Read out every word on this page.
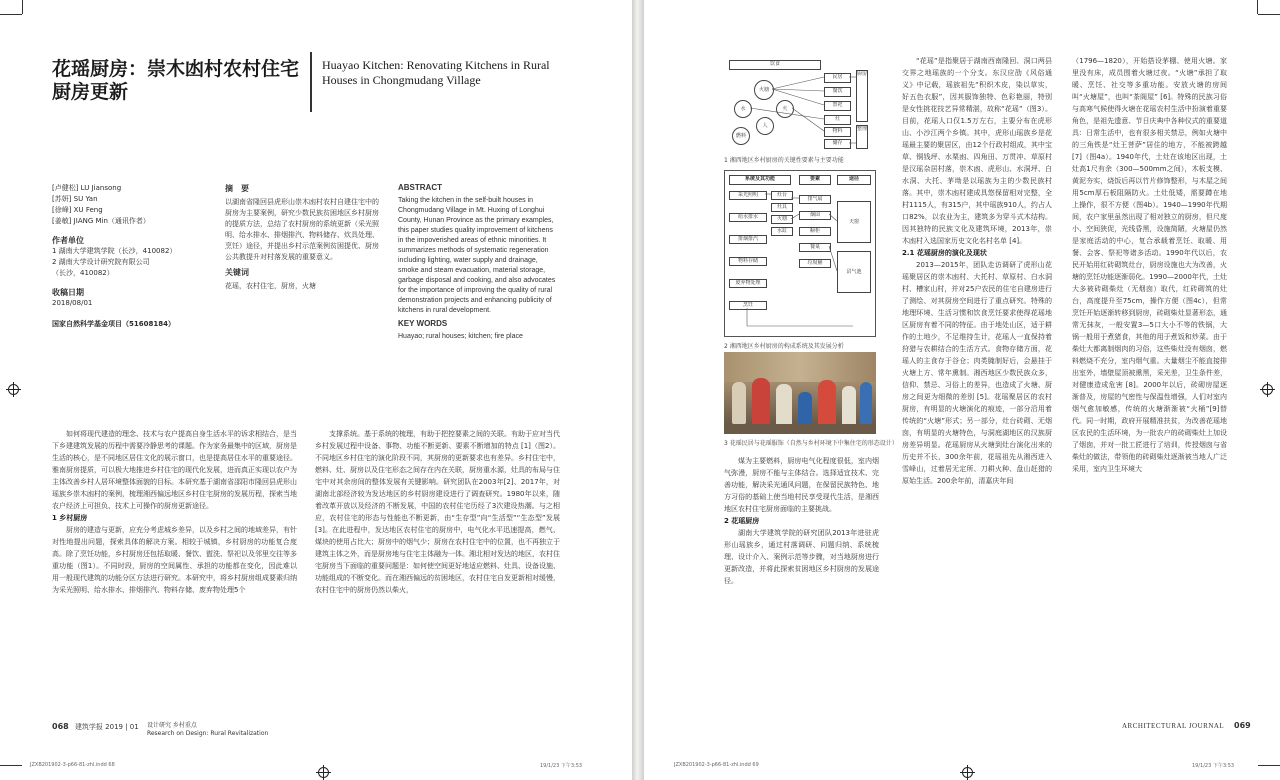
花瑶厨房：崇木凼村农村住宅厨房更新
Huayao Kitchen: Renovating Kitchens in Rural Houses in Chongmudang Village
[卢健松] LU Jiansong
[苏妍] SU Yan
[徐峰] XU Feng
[姜敏] JIANG Min（通讯作者）
作者单位
1 湖南大学建筑学院（长沙，410082）
2 湖南大学设计研究院有限公司
（长沙，410082）
收稿日期
2018/08/01
国家自然科学基金项目（51608184）
摘　要
以湖南省隆回县虎形山崇木凼村农村自建住宅中的厨房为主要案例，研究少数民族贫困地区乡村厨房的提质方法，总结了农村厨房的系统更新（采光照明、给水排水、排烟排汽、物料储存、炊具处理、烹饪）途径，并提出乡村示范案例贫困提优、厨房公共教提升对村落发展的重要意义。
关键词
花瑶，农村住宅，厨房，火塘
ABSTRACT
Taking the kitchen in the self-built houses in Chongmudang Village in Mt. Huxing of Longhui County, Hunan Province as the primary examples, this paper studies quality improvement of kitchens in the impoverished areas of ethnic minorities. It summarizes methods of systematic regeneration including lighting, water supply and drainage, smoke and steam evacuation, material storage, garbage disposal and cooking, and also advocates for the importance of improving the quality of rural demonstration projects and enhancing publicity of kitchens in rural development.
KEY WORDS
Huayao; rural houses; kitchen; fire place

如何将现代建造的理念、技术与农户提高自身生活水平的诉求相结合，是当下乡建建筑发展的历程中需要冷静思考的课题。作为家务最集中的区域，厨房是生活的核心，是不同地区居住文化的展示窗口，也是提高居住水平的重要途径。雅南厨房提质，可以极大地推进乡村住宅的现代化发展，进而真正实现以农户为主体改善乡村人居环境整体面貌的目标。本研究基于湖南省邵阳市隆回县虎形山瑶族乡崇木凼村的案例，梳理湘西偏远地区乡村住宅厨房的发展历程，探索当地农户经济上可担负、技术上可操作的厨房更新途径。

1 乡村厨房

厨房的建造与更新，应充分考虑城乡差异，以及乡村之间的地域差异，有针对性地提出问题，探索具体的解决方案。相较于城镇，乡村厨房的功能复合度高。除了烹饪功能，乡村厨房还包括取暖、餐饮、盥洗、祭祀以及邻里交往等多重功能（图1）。不同时段，厨房的空间属性、承担的功能都在变化，因此难以用一般现代建筑的功能分区方法进行研究。本研究中，将乡村厨房组成要素归纳为采光照明、给水排水、排烟排汽、物料存储、废弃物处理5个

支撑系统。基于系统的梳理，有助于把控要素之间的关联。有助于应对当代乡村发展过程中设备、事物、功能不断更新、要素不断增加的特点 [1]（图2）。不同地区乡村住宅的演化阶段不同，其厨房的更新要求也有差异。乡村住宅中，燃料、灶、厨房以及住宅形态之间存在内在关联，厨房重水源，灶具的布局与住宅中对其余房间的整体发展有关键影响。研究团队在2003年[2]、2017年，对湖南北部经济较为发达地区的乡村厨房建设进行了调查研究。1980年以来，随着改革开放以及经济的不断发展，中国的农村住宅历经了3次建设热潮。与之相应，农村住宅的形态与性能也不断更新，由“生存型”向“生活型”“生态型”发展 [3]。在此进程中，发达地区农村住宅的厨房中，电气化水平迅速提高，燃气、煤块的使用占比大；厨房中的烟气少；厨房在农村住宅中的位置，也不再独立于建筑主体之外，而是厨房地与住宅主体融为一体。湘北相对发达的地区，农村住宅厨房当下面临的重要问题是：如何使空间更好地适应燃料、灶具、设备设施、功能组成的不断变化。而在湘西偏远的贫困地区，农村住宅自发更新相对缓慢，农村住宅中的厨房仍然以柴火，

068 建筑学报 2019 | 01 设计研究 乡村重点
Research on Design: Rural Revitalization
JZXB201902-3-p66-81-zhl.indd 68	19/1/23 下午3:53
饮食
民居	厨房
餐饮
祭祀
火塘
水	火
人
燃料
灶
物料
储存
整理
1 湘西地区乡村厨房的关键性要素与主要功能
系统及其功能	要素	途径
采光照明
给水排水
排烟排汽
物料存储
废弃物处理
烹饪
灶台
灶具
火塘
水缸
排气扇
烟囱
橱柜
餐桌
垃圾桶
天窗
沼气池
2 湘西地区乡村厨房的构成系统及其发展分析
3 花瑶民居与花瑶服饰（自然与乡村环境下中集住宅的形态设计）

煤为主要燃料，厨房电气化程度很低，室内烟气弥漫，厨房不能与主体结合。选择适宜技术、完善功能，解决采光通风问题，在保留民族特色、地方习俗的基础上使当地村民享受现代生活，是湘西地区农村住宅厨房面临的主要挑战。

2 花瑶厨房

湖南大学建筑学院的研究团队2013年进驻虎形山瑶族乡，通过村落调研、问题归纳、系统梳理、设计介入、案例示范等步骤，对当地厨房进行更新改造，并将此探索贫困地区乡村厨房的发展途径。

“花瑶”是指聚居于湖南西南隆回、洞口两县交界之地瑶族的一个分支。东汉应劭《风俗通义》中记载，瑶族祖先“积织木皮，染以草实，好五色衣服”，因其服饰独特、色彩艳丽，特别是女性挑花技艺异常精湛，故称“花瑶”（图3）。目前，花瑶人口仅1.5万左右，主要分布在虎形山、小沙江两个乡镇。其中，虎形山瑶族乡是花瑶最主要的聚居区，由12个行政村组成，其中宝草、铜钱坪、水栗凼、四角田、万贯冲、草原村是汉瑶杂居村落，崇木凼、虎形山、水洞坪、白水洞、大托、茅坳是以瑶族为主的少数民族村落。其中，崇木凼村建成具悠保留相对完整，全村1115人，有315户，其中瑶族910人，约占人口82%，以农业为主，建筑多为穿斗式木结构。因其独特的民族文化及建筑环境，2013年，崇木凼村入选国家历史文化名村名单 [4]。

2.1 花瑶厨房的演化及现状

2013—2015年，团队走访调研了虎形山花瑶聚居区的崇木凼村、大托村、草原村、白水洞村、槽家山村，并对25户农民的住宅自建房进行了测绘、对其厨房空间进行了重点研究。特殊的地理环境、生活习惯和饮食烹饪要求使得花瑶地区厨房有着不同的特征。由于地处山区，适于耕作的土地少，不足维持生计，花瑶人一直保持着狩猎与农耕结合的生活方式。食物存储方面，花瑶人的主食存于谷仓；肉类腌制好后，会悬挂于火塘上方、常年熏制。湘西地区少数民族众多，信仰、禁忌、习俗上的差异，也造成了火塘、厨房之间更为细微的差别 [5]。花瑶聚居区的农村厨房，有明显的火塘演化的痕迹，一部分沿用着传统的“火塘”形式；另一部分，灶台砖砌、无烟囱，有明显的火塘特色，与洞庭湖地区的汉族厨房差异明显。花瑶厨房从火塘到灶台演化出来的历史并不长，300余年前，花瑶祖先从湘西进入雪峰山，过着居无定所、刀耕火种、盘山赶猎的原始生活。200余年前，清嘉庆年间

（1796—1820），开始搭设茅棚、使用火塘。家里没有床，成员围着火塘过夜。“火塘”承担了取暖、烹饪、社交等多重功能。安放火塘的房间叫“火塘屋”，也叫“茶阁屋” [6]。特殊的民族习俗与高寒气候使得火塘在花瑶农村生活中扮演着重要角色，是祖先遗意、节日庆典中各种仪式的重要道具：日常生活中，也有很多相关禁忌，例如火塘中的三角铁是“灶王菩萨”居住的地方，不能被跨越 [7]（图4a）。1940年代，土灶在该地区出现，土灶高1尺有余（300—500mm之间），木板支模、黄泥夯实，烧饭后再以竹片修饰整形，与木屋之间用5cm厚石板阻隔防火。土灶低矮，需要蹲在地上操作，很不方便（图4b）。1940—1990年代期间，农户家里虽然出现了相对独立的厨房，但尺度小、空间狭促，光线昏黑，设施简陋，火塘屋仍然是家庭活动的中心，复合承载着烹饪、取暖、用餐、会客、祭祀等诸多活动。1990年代以后，农民开始用红砖砌筑灶台，厨房设施也大为改善，火塘的烹饪功能逐渐弱化。1990—2000年代，土灶大多被砖砌柴灶（无烟囱）取代，红砖砌筑的灶台，高度提升至75cm，操作方便（图4c），但常烹饪开始逐渐转移到厨房，砖砌柴灶显著形态，通常无抹灰，一般安置3—5口大小不等的铁锅，大锅一般用于煮猪食，其他的用于煮饭和炒菜。由于柴灶大都离制烟肉的习俗，这些柴灶没有烟囱，燃料燃烧不充分，室内烟气重。大量烟尘不能直接排出室外，墙壁屋顶被熏黑，采光差，卫生条件差，对健康造成危害 [8]。2000年以后，砖砌房屋逐渐普及，房屋的气密性与保温性增强，人们对室内烟气愈加敏感，传统的火塘渐渐被“火桶”[9]替代。同一时期，政府开展精准扶贫，为改善花瑶地区农民的生活环境，为一批农户的砖砌柴灶上加设了烟囱，并对一批工匠进行了培训，传授烟囱与省柴灶的做法，带领他的砖砌柴灶逐渐被当地人广泛采用，室内卫生环境大

ARCHITECTURAL JOURNAL 069
JZXB201902-3-p66-81-zhl.indd 69	19/1/23 下午3:53
